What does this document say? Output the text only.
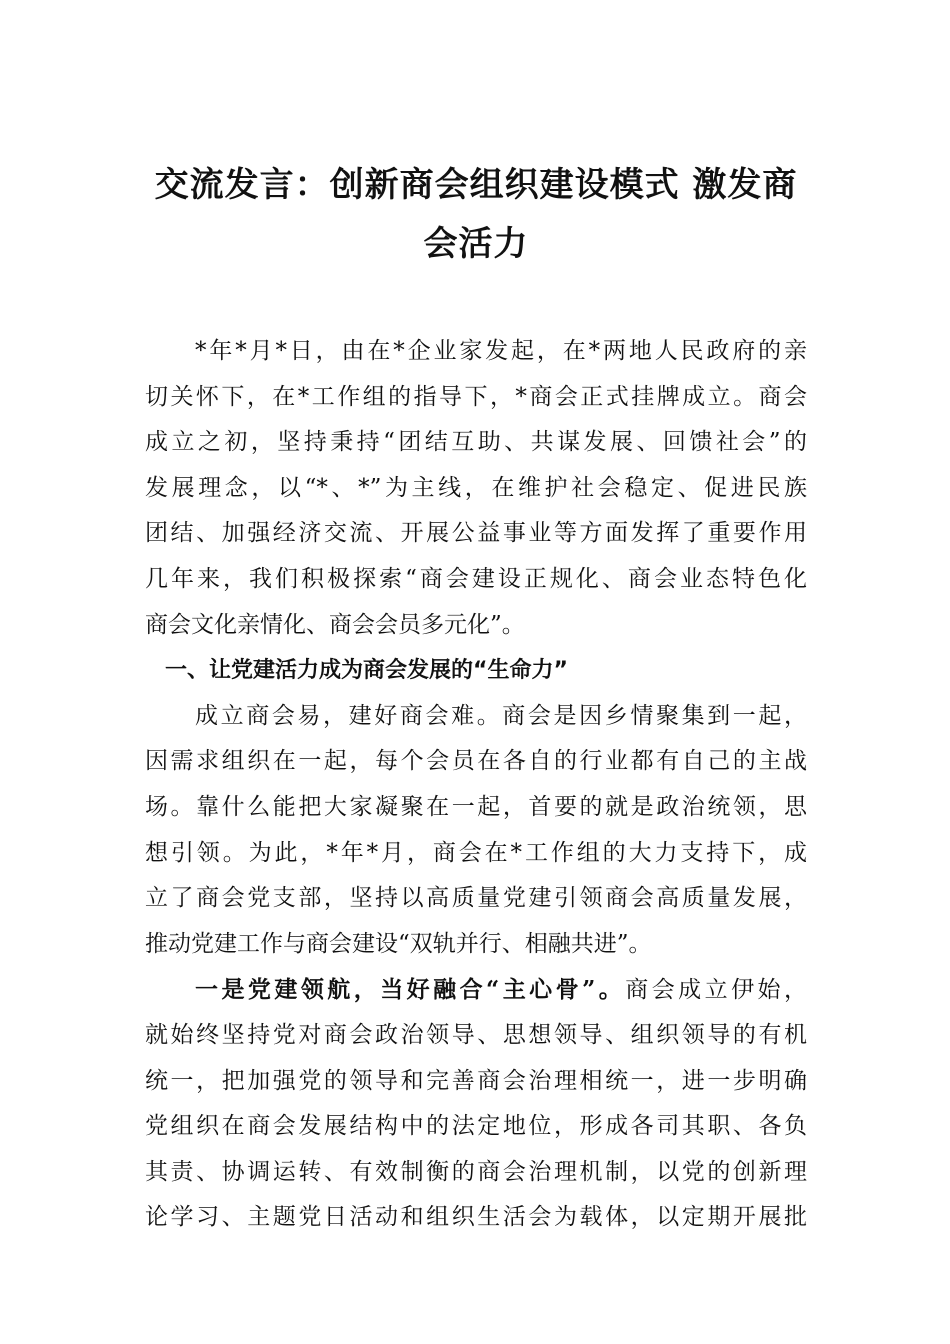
交流发言：创新商会组织建设模式 激发商
会活力
*年*月*日，由在*企业家发起，在*两地人民政府的亲
切关怀下，在*工作组的指导下，*商会正式挂牌成立。商会
成立之初，坚持秉持“团结互助、共谋发展、回馈社会”的
发展理念，以“*、*”为主线，在维护社会稳定、促进民族
团结、加强经济交流、开展公益事业等方面发挥了重要作用
几年来，我们积极探索“商会建设正规化、商会业态特色化
商会文化亲情化、商会会员多元化”。
一、让党建活力成为商会发展的“生命力”
成立商会易，建好商会难。商会是因乡情聚集到一起，
因需求组织在一起，每个会员在各自的行业都有自己的主战
场。靠什么能把大家凝聚在一起，首要的就是政治统领，思
想引领。为此，*年*月，商会在*工作组的大力支持下，成
立了商会党支部，坚持以高质量党建引领商会高质量发展，
推动党建工作与商会建设“双轨并行、相融共进”。
一是党建领航，当好融合“主心骨”。商会成立伊始，
就始终坚持党对商会政治领导、思想领导、组织领导的有机
统一，把加强党的领导和完善商会治理相统一，进一步明确
党组织在商会发展结构中的法定地位，形成各司其职、各负
其责、协调运转、有效制衡的商会治理机制，以党的创新理
论学习、主题党日活动和组织生活会为载体，以定期开展批
